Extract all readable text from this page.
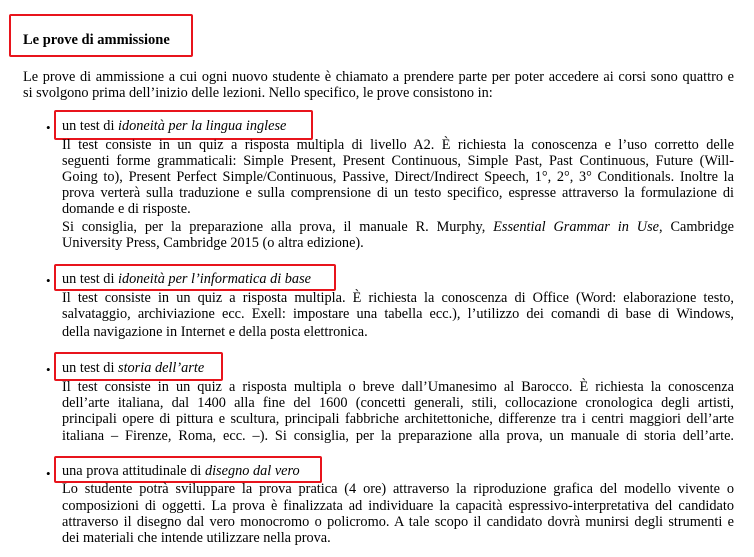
Le prove di ammissione
Le prove di ammissione a cui ogni nuovo studente è chiamato a prendere parte per poter accedere ai corsi sono quattro e
si svolgono prima dell’inizio delle lezioni. Nello specifico, le prove consistono in:
• un test di idoneità per la lingua inglese
Il test consiste in un quiz a risposta multipla di livello A2. È richiesta la conoscenza e l’uso corretto delle
seguenti forme grammaticali: Simple Present, Present Continuous, Simple Past, Past Continuous, Future (Will-
Going to), Present Perfect Simple/Continuous, Passive, Direct/Indirect Speech, 1°, 2°, 3° Conditionals. Inoltre la
prova verterà sulla traduzione e sulla comprensione di un testo specifico, espresse attraverso la formulazione di
domande e di risposte.
Si consiglia, per la preparazione alla prova, il manuale R. Murphy, Essential Grammar in Use, Cambridge
University Press, Cambridge 2015 (o altra edizione).
• un test di idoneità per l’informatica di base
Il test consiste in un quiz a risposta multipla. È richiesta la conoscenza di Office (Word: elaborazione testo,
salvataggio, archiviazione ecc. Exell: impostare una tabella ecc.), l’utilizzo dei comandi di base di Windows,
della navigazione in Internet e della posta elettronica.
• un test di storia dell’arte
Il test consiste in un quiz a risposta multipla o breve dall’Umanesimo al Barocco. È richiesta la conoscenza
dell’arte italiana, dal 1400 alla fine del 1600 (concetti generali, stili, collocazione cronologica degli artisti,
principali opere di pittura e scultura, principali fabbriche architettoniche, differenze tra i centri maggiori dell’arte
italiana – Firenze, Roma, ecc. –). Si consiglia, per la preparazione alla prova, un manuale di storia dell’arte.
• una prova attitudinale di disegno dal vero
Lo studente potrà sviluppare la prova pratica (4 ore) attraverso la riproduzione grafica del modello vivente o
composizioni di oggetti. La prova è finalizzata ad individuare la capacità espressivo-interpretativa del candidato
attraverso il disegno dal vero monocromo o policromo. A tale scopo il candidato dovrà munirsi degli strumenti e
dei materiali che intende utilizzare nella prova.
